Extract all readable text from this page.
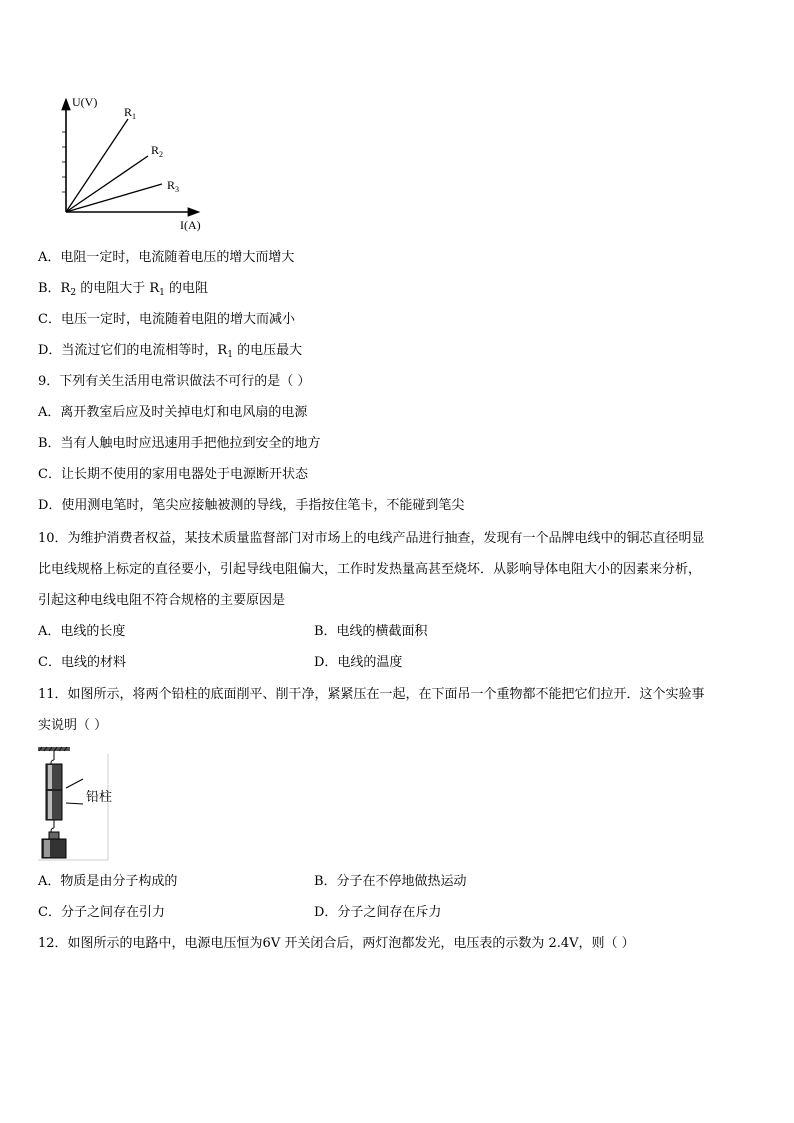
U(V)
I(A)
$R_1$
$R_2$
$R_3$
A．电阻一定时，电流随着电压的增大而增大
B．$R_2$ 的电阻大于 $R_1$ 的电阻
C．电压一定时，电流随着电阻的增大而减小
D．当流过它们的电流相等时，$R_1$ 的电压最大
9．下列有关生活用电常识做法不可行的是（ ）
A．离开教室后应及时关掉电灯和电风扇的电源
B．当有人触电时应迅速用手把他拉到安全的地方
C．让长期不使用的家用电器处于电源断开状态
D．使用测电笔时，笔尖应接触被测的导线，手指按住笔卡，不能碰到笔尖
10．为维护消费者权益，某技术质量监督部门对市场上的电线产品进行抽查，发现有一个品牌电线中的铜芯直径明显
比电线规格上标定的直径要小，引起导线电阻偏大，工作时发热量高甚至烧坏．从影响导体电阻大小的因素来分析，
引起这种电线电阻不符合规格的主要原因是
A．电线的长度	B．电线的横截面积
C．电线的材料	D．电线的温度
11．如图所示，将两个铅柱的底面削平、削干净，紧紧压在一起，在下面吊一个重物都不能把它们拉开．这个实验事
实说明（ ）
铅柱
A．物质是由分子构成的	B．分子在不停地做热运动
C．分子之间存在引力	D．分子之间存在斥力
12．如图所示的电路中，电源电压恒为6V 开关闭合后，两灯泡都发光，电压表的示数为 2.4V，则（ ）
